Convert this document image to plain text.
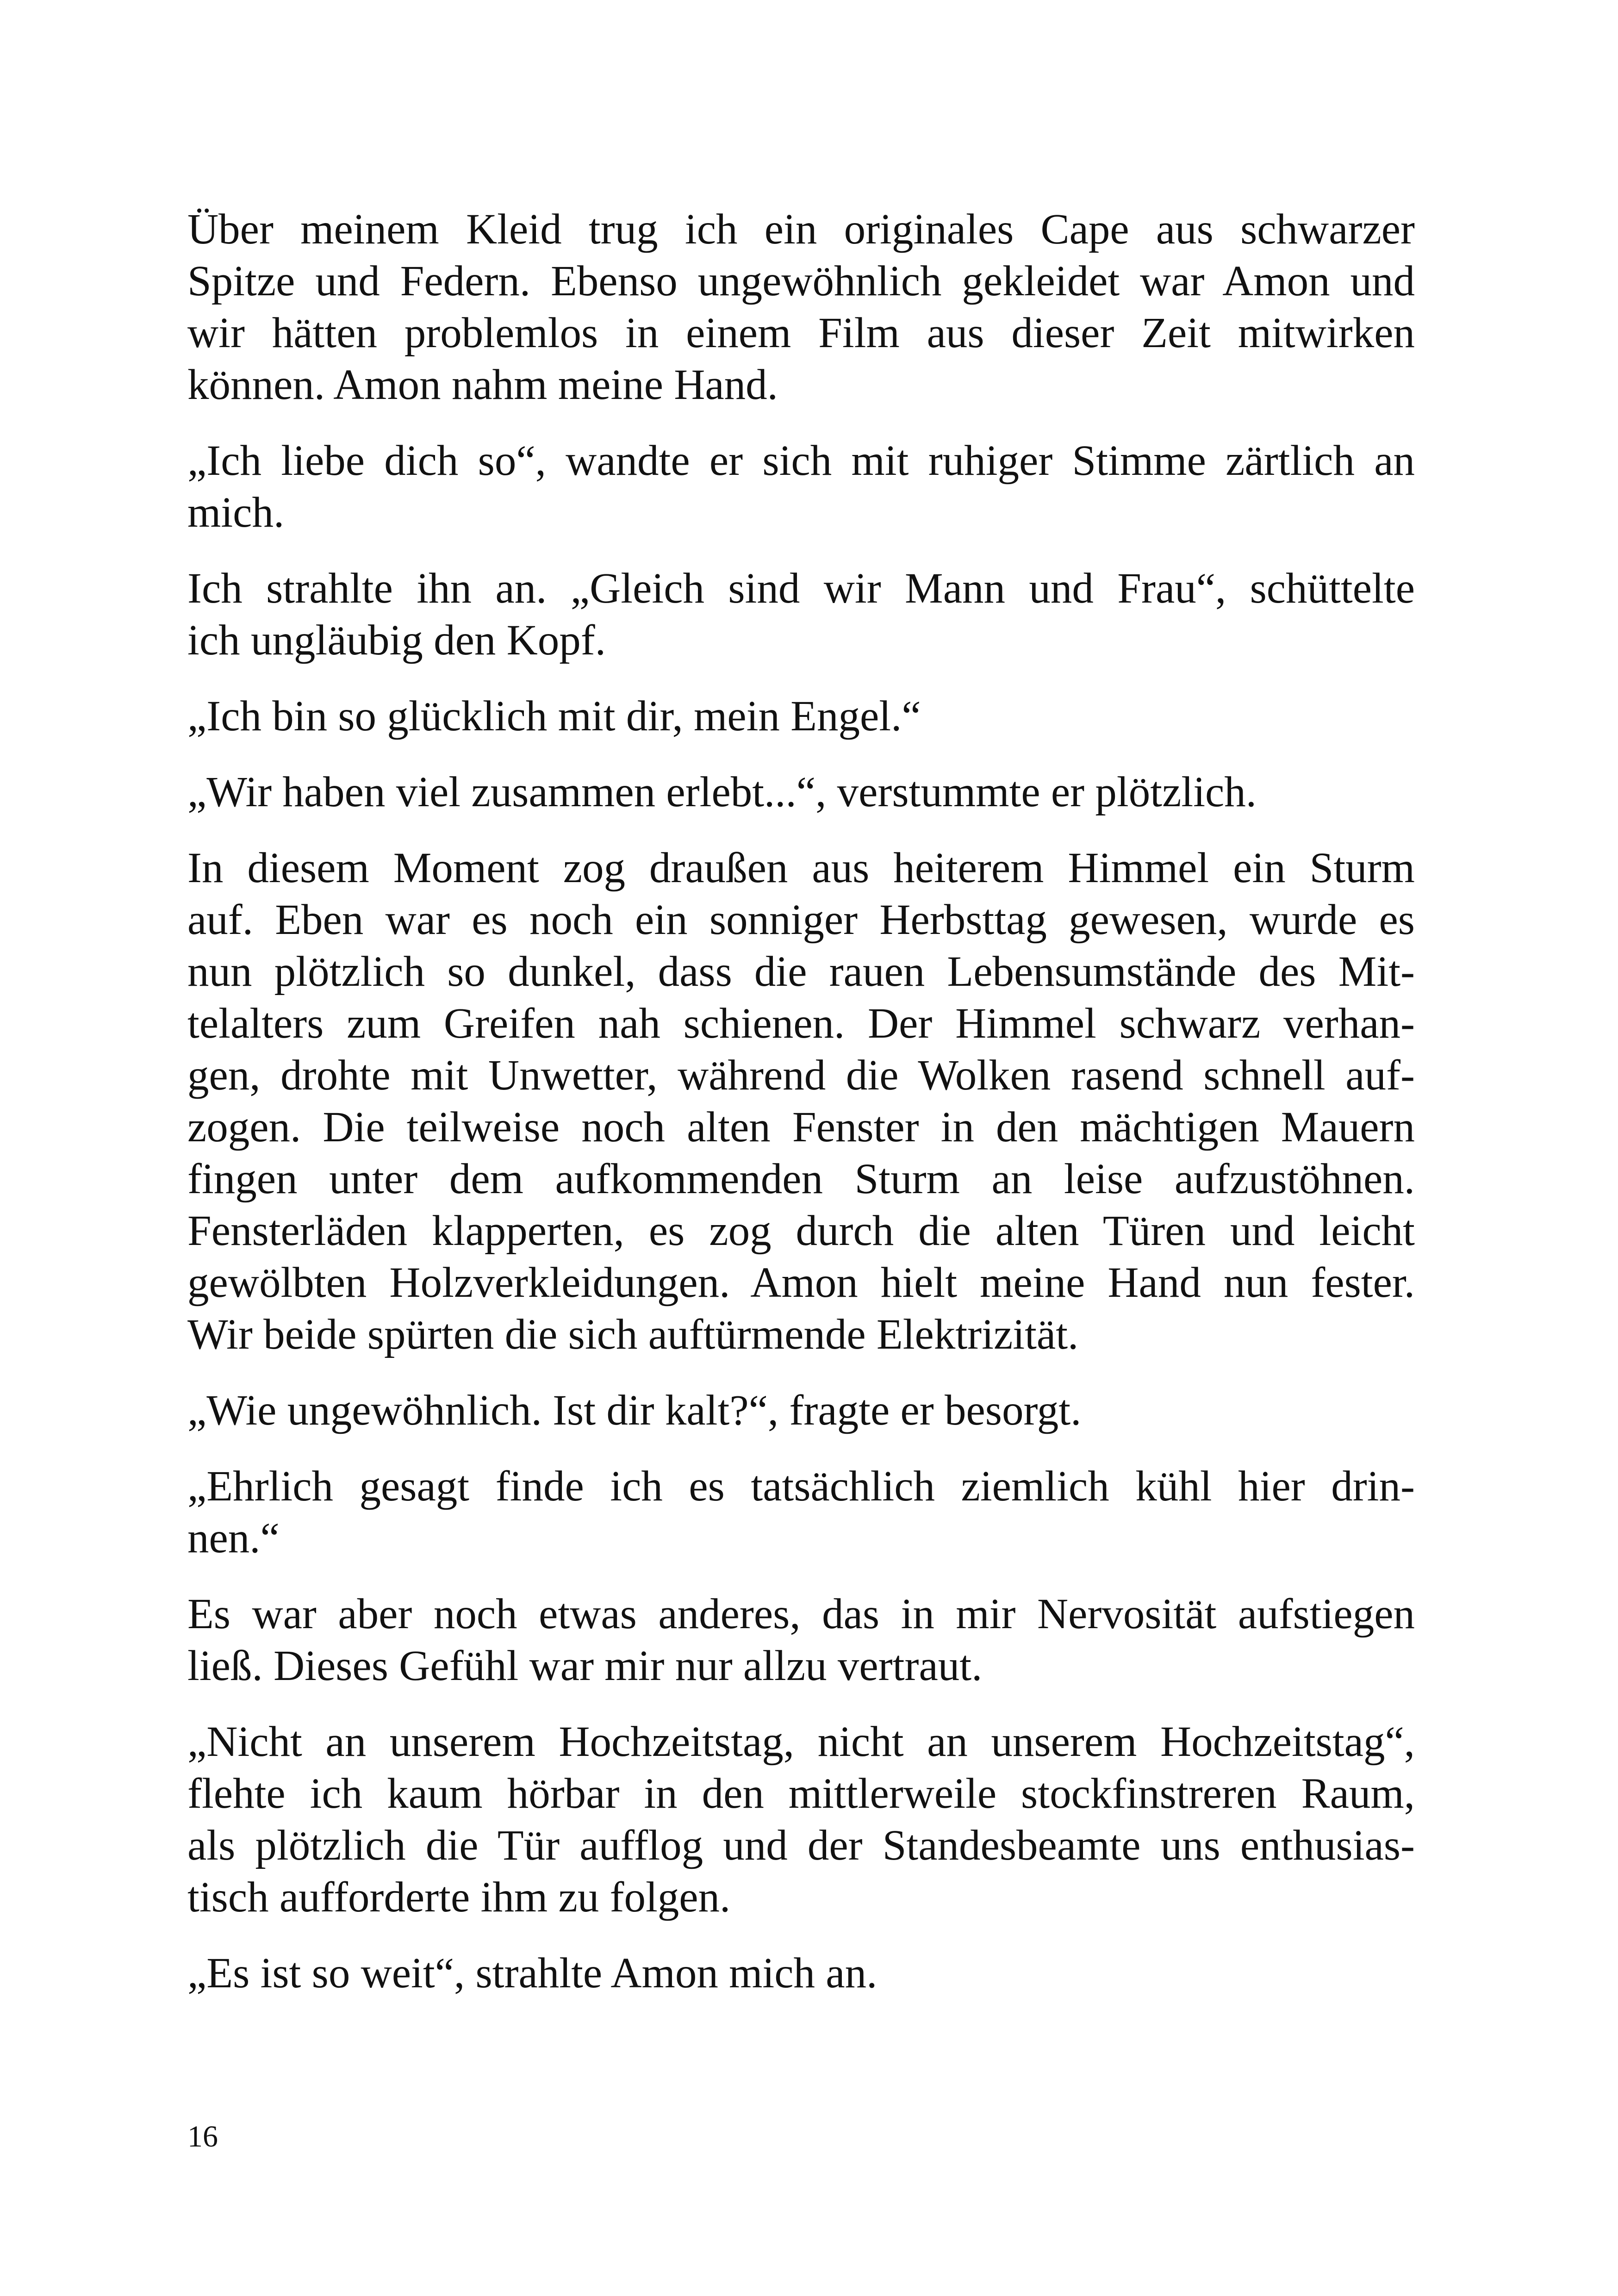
Über meinem Kleid trug ich ein originales Cape aus schwarzer
Spitze und Federn. Ebenso ungewöhnlich gekleidet war Amon und
wir hätten problemlos in einem Film aus dieser Zeit mitwirken
können. Amon nahm meine Hand.

„Ich liebe dich so“, wandte er sich mit ruhiger Stimme zärtlich an
mich.

Ich strahlte ihn an. „Gleich sind wir Mann und Frau“, schüttelte
ich ungläubig den Kopf.

„Ich bin so glücklich mit dir, mein Engel.“

„Wir haben viel zusammen erlebt...“, verstummte er plötzlich.

In diesem Moment zog draußen aus heiterem Himmel ein Sturm
auf. Eben war es noch ein sonniger Herbsttag gewesen, wurde es
nun plötzlich so dunkel, dass die rauen Lebensumstände des Mit-
telalters zum Greifen nah schienen. Der Himmel schwarz verhan-
gen, drohte mit Unwetter, während die Wolken rasend schnell auf-
zogen. Die teilweise noch alten Fenster in den mächtigen Mauern
fingen unter dem aufkommenden Sturm an leise aufzustöhnen.
Fensterläden klapperten, es zog durch die alten Türen und leicht
gewölbten Holzverkleidungen. Amon hielt meine Hand nun fester.
Wir beide spürten die sich auftürmende Elektrizität.

„Wie ungewöhnlich. Ist dir kalt?“, fragte er besorgt.

„Ehrlich gesagt finde ich es tatsächlich ziemlich kühl hier drin-
nen.“

Es war aber noch etwas anderes, das in mir Nervosität aufstiegen
ließ. Dieses Gefühl war mir nur allzu vertraut.

„Nicht an unserem Hochzeitstag, nicht an unserem Hochzeitstag“,
flehte ich kaum hörbar in den mittlerweile stockfinstreren Raum,
als plötzlich die Tür aufflog und der Standesbeamte uns enthusias-
tisch aufforderte ihm zu folgen.

„Es ist so weit“, strahlte Amon mich an.

16
